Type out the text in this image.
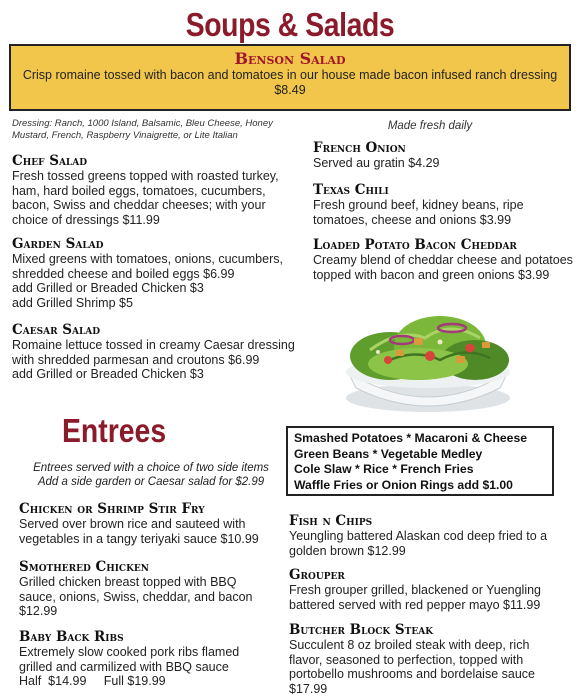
Soups & Salads
Benson Salad
Crisp romaine tossed with bacon and tomatoes in our house made bacon infused ranch dressing
$8.49
Dressing: Ranch, 1000 Island, Balsamic, Bleu Cheese, Honey
Mustard, French, Raspberry Vinaigrette, or Lite Italian
Made fresh daily
Chef Salad
Fresh tossed greens topped with roasted turkey,
ham, hard boiled eggs, tomatoes, cucumbers,
bacon, Swiss and cheddar cheeses; with your
choice of dressings $11.99
Garden Salad
Mixed greens with tomatoes, onions, cucumbers,
shredded cheese and boiled eggs $6.99
add Grilled or Breaded Chicken $3
add Grilled Shrimp $5
Caesar Salad
Romaine lettuce tossed in creamy Caesar dressing
with shredded parmesan and croutons $6.99
add Grilled or Breaded Chicken $3
French Onion
Served au gratin $4.29
Texas Chili
Fresh ground beef, kidney beans, ripe
tomatoes, cheese and onions $3.99
Loaded Potato Bacon Cheddar
Creamy blend of cheddar cheese and potatoes
topped with bacon and green onions $3.99
Entrees
Entrees served with a choice of two side items
Add a side garden or Caesar salad for $2.99
Smashed Potatoes * Macaroni & Cheese
Green Beans * Vegetable Medley
Cole Slaw * Rice * French Fries
Waffle Fries or Onion Rings add $1.00
Chicken or Shrimp Stir Fry
Served over brown rice and sauteed with
vegetables in a tangy teriyaki sauce $10.99
Smothered Chicken
Grilled chicken breast topped with BBQ
sauce, onions, Swiss, cheddar, and bacon
$12.99
Baby Back Ribs
Extremely slow cooked pork ribs flamed
grilled and carmilized with BBQ sauce
Half  $14.99     Full $19.99
Fish n Chips
Yeungling battered Alaskan cod deep fried to a
golden brown $12.99
Grouper
Fresh grouper grilled, blackened or Yuengling
battered served with red pepper mayo $11.99
Butcher Block Steak
Succulent 8 oz broiled steak with deep, rich
flavor, seasoned to perfection, topped with
portobello mushrooms and bordelaise sauce
$17.99
